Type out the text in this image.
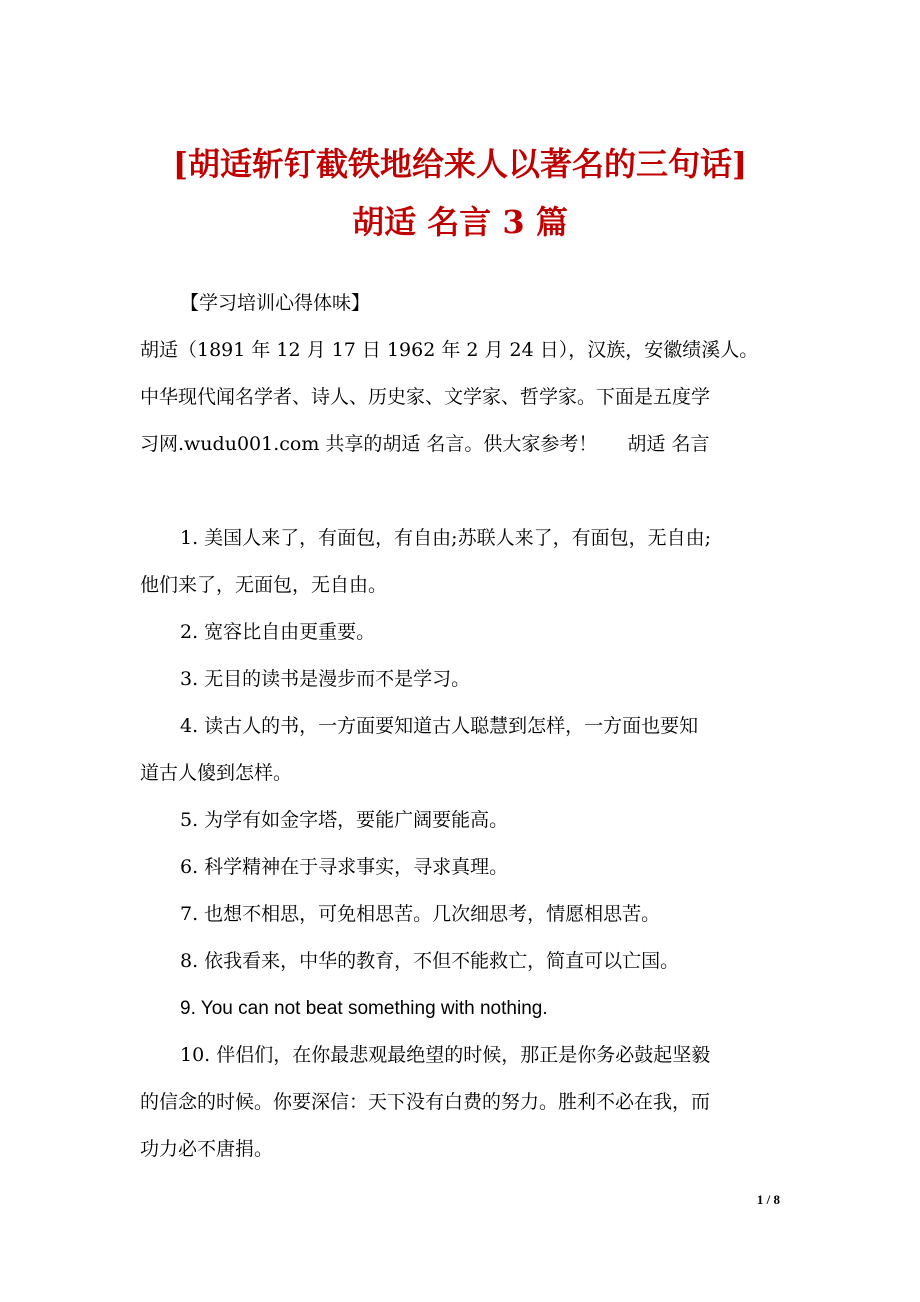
[胡适斩钉截铁地给来人以著名的三句话]
胡适 名言 3 篇
【学习培训心得体味】
胡适（1891 年 12 月 17 日 1962 年 2 月 24 日），汉族，安徽绩溪人。
中华现代闻名学者、诗人、历史家、文学家、哲学家。下面是五度学
习网.wudu001.com 共享的胡适 名言。供大家参考！ 胡适 名言
1. 美国人来了，有面包，有自由;苏联人来了，有面包，无自由;
他们来了，无面包，无自由。
2. 宽容比自由更重要。
3. 无目的读书是漫步而不是学习。
4. 读古人的书，一方面要知道古人聪慧到怎样，一方面也要知
道古人傻到怎样。
5. 为学有如金字塔，要能广阔要能高。
6. 科学精神在于寻求事实，寻求真理。
7. 也想不相思，可免相思苦。几次细思考，情愿相思苦。
8. 依我看来，中华的教育，不但不能救亡，简直可以亡国。
9. You can not beat something with nothing.
10. 伴侣们，在你最悲观最绝望的时候，那正是你务必鼓起坚毅
的信念的时候。你要深信：天下没有白费的努力。胜利不必在我，而
功力必不唐捐。
1 / 8
